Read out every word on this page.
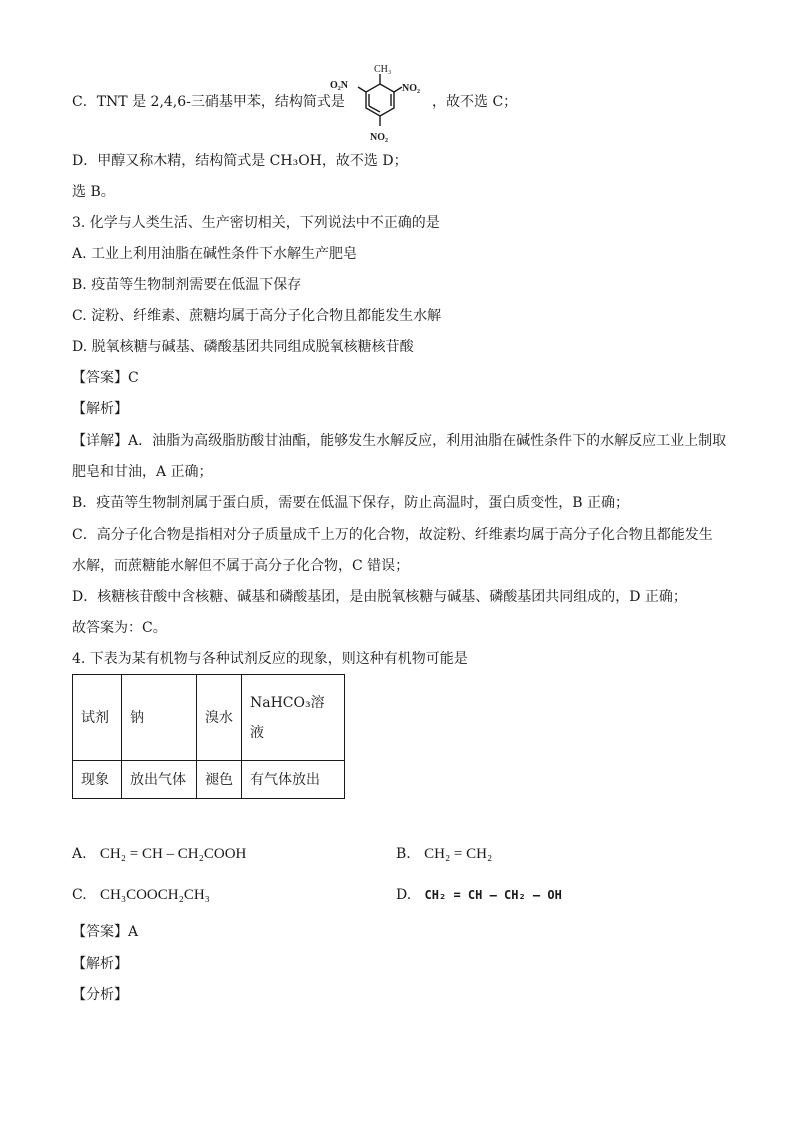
C．TNT 是 2,4,6-三硝基甲苯，结构简式是
CH₃
O₂N	NO₂
NO₂
，故不选 C；
D．甲醇又称木精，结构简式是 CH₃OH，故不选 D；
选 B。
3. 化学与人类生活、生产密切相关，下列说法中不正确的是
A. 工业上利用油脂在碱性条件下水解生产肥皂
B. 疫苗等生物制剂需要在低温下保存
C. 淀粉、纤维素、蔗糖均属于高分子化合物且都能发生水解
D. 脱氧核糖与碱基、磷酸基团共同组成脱氧核糖核苷酸
【答案】C
【解析】
【详解】A．油脂为高级脂肪酸甘油酯，能够发生水解反应，利用油脂在碱性条件下的水解反应工业上制取
肥皂和甘油，A 正确；
B．疫苗等生物制剂属于蛋白质，需要在低温下保存，防止高温时，蛋白质变性，B 正确；
C．高分子化合物是指相对分子质量成千上万的化合物，故淀粉、纤维素均属于高分子化合物且都能发生
水解，而蔗糖能水解但不属于高分子化合物，C 错误；
D．核糖核苷酸中含核糖、碱基和磷酸基团，是由脱氧核糖与碱基、磷酸基团共同组成的，D 正确；
故答案为：C。
4. 下表为某有机物与各种试剂反应的现象，则这种有机物可能是
试剂	钠	溴水	NaHCO₃溶
液
现象	放出气体	褪色	有气体放出
A. CH₂ = CH – CH₂COOH	B. CH₂ = CH₂
C. CH₃COOCH₂CH₃	D. CH₂ = CH – CH₂ – OH
【答案】A
【解析】
【分析】
